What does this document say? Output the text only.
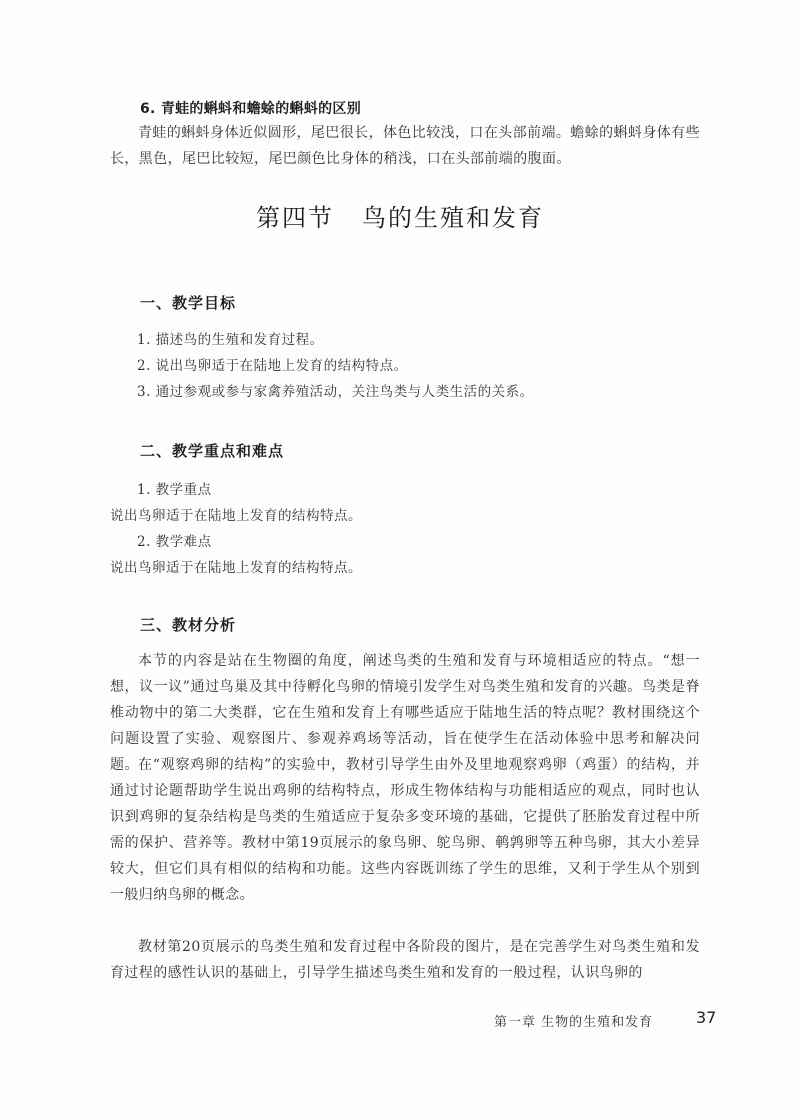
6. 青蛙的蝌蚪和蟾蜍的蝌蚪的区别
青蛙的蝌蚪身体近似圆形，尾巴很长，体色比较浅，口在头部前端。蟾蜍的蝌蚪身体有些长，黑色，尾巴比较短，尾巴颜色比身体的稍浅，口在头部前端的腹面。
第四节 鸟的生殖和发育
一、教学目标
1. 描述鸟的生殖和发育过程。
2. 说出鸟卵适于在陆地上发育的结构特点。
3. 通过参观或参与家禽养殖活动，关注鸟类与人类生活的关系。
二、教学重点和难点
1. 教学重点
说出鸟卵适于在陆地上发育的结构特点。
2. 教学难点
说出鸟卵适于在陆地上发育的结构特点。
三、教材分析
本节的内容是站在生物圈的角度，阐述鸟类的生殖和发育与环境相适应的特点。“想一想，议一议”通过鸟巢及其中待孵化鸟卵的情境引发学生对鸟类生殖和发育的兴趣。鸟类是脊椎动物中的第二大类群，它在生殖和发育上有哪些适应于陆地生活的特点呢？教材围绕这个问题设置了实验、观察图片、参观养鸡场等活动，旨在使学生在活动体验中思考和解决问题。 在“观察鸡卵的结构”的实验中，教材引导学生由外及里地观察鸡卵（鸡蛋）的结构，并通过讨论题帮助学生说出鸡卵的结构特点，形成生物体结构与功能相适应的观点，同时也认识到鸡卵的复杂结构是鸟类的生殖适应于复杂多变环境的基础，它提供了胚胎发育过程中所需的保护、营养等。教材中第19页展示的象鸟卵、鸵鸟卵、鹌鹑卵等五种鸟卵，其大小差异较大，但它们具有相似的结构和功能。这些内容既训练了学生的思维，又利于学生从个别到一般归纳鸟卵的概念。
教材第20页展示的鸟类生殖和发育过程中各阶段的图片，是在完善学生对鸟类生殖和发育过程的感性认识的基础上，引导学生描述鸟类生殖和发育的一般过程，认识鸟卵的
第一章 生物的生殖和发育	37
